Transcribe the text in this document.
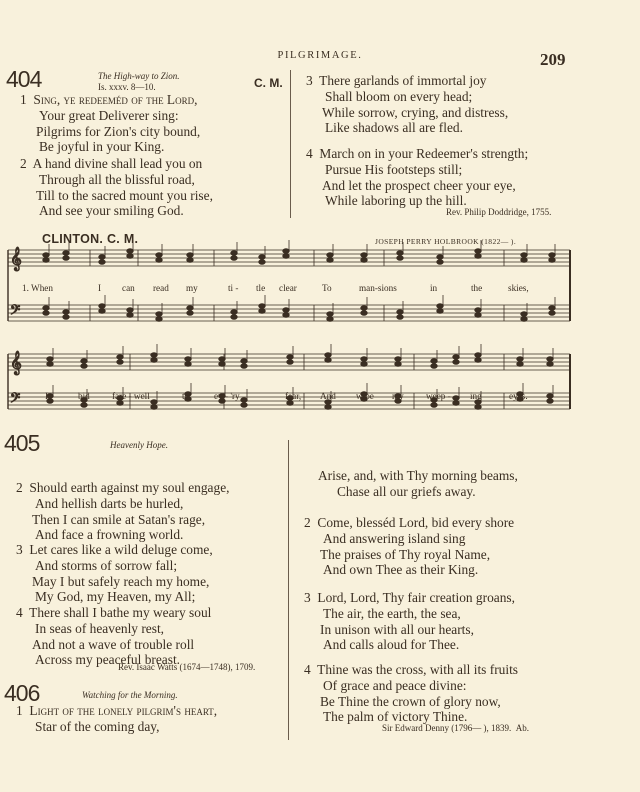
PILGRIMAGE.	209
404	The High-way to Zion.
Is. xxxv. 8—10.	C. M.
1 Sing, ye redeeméd of the Lord,
Your great Deliverer sing:
Pilgrims for Zion's city bound,
Be joyful in your King.
2 A hand divine shall lead you on
Through all the blissful road,
Till to the sacred mount you rise,
And see your smiling God.
3 There garlands of immortal joy
Shall bloom on every head;
While sorrow, crying, and distress,
Like shadows all are fled.
4 March on in your Redeemer's strength;
Pursue His footsteps still;
And let the prospect cheer your eye,
While laboring up the hill.
Rev. Philip Doddridge, 1755.
CLINTON. C. M.	JOSEPH PERRY HOLBROOK (1822— ).
𝄞
𝄞
𝄢
𝄢
1. When	I can read my	ti - tle clear	To	man-sions	in	the	skies,
I	bid fare - well	to	ev - 'ry	fear, And wipe my weep - ing	eyes.
405	Heavenly Hope.
2 Should earth against my soul engage,
And hellish darts be hurled,
Then I can smile at Satan's rage,
And face a frowning world.
3 Let cares like a wild deluge come,
And storms of sorrow fall;
May I but safely reach my home,
My God, my Heaven, my All;
4 There shall I bathe my weary soul
In seas of heavenly rest,
And not a wave of trouble roll
Across my peaceful breast.
Rev. Isaac Watts (1674—1748), 1709.
406	Watching for the Morning.
1 Light of the lonely pilgrim's heart,
Star of the coming day,
Arise, and, with Thy morning beams,
Chase all our griefs away.
2 Come, blesséd Lord, bid every shore
And answering island sing
The praises of Thy royal Name,
And own Thee as their King.
3 Lord, Lord, Thy fair creation groans,
The air, the earth, the sea,
In unison with all our hearts,
And calls aloud for Thee.
4 Thine was the cross, with all its fruits
Of grace and peace divine:
Be Thine the crown of glory now,
The palm of victory Thine.
Sir Edward Denny (1796— ), 1839. Ab.
